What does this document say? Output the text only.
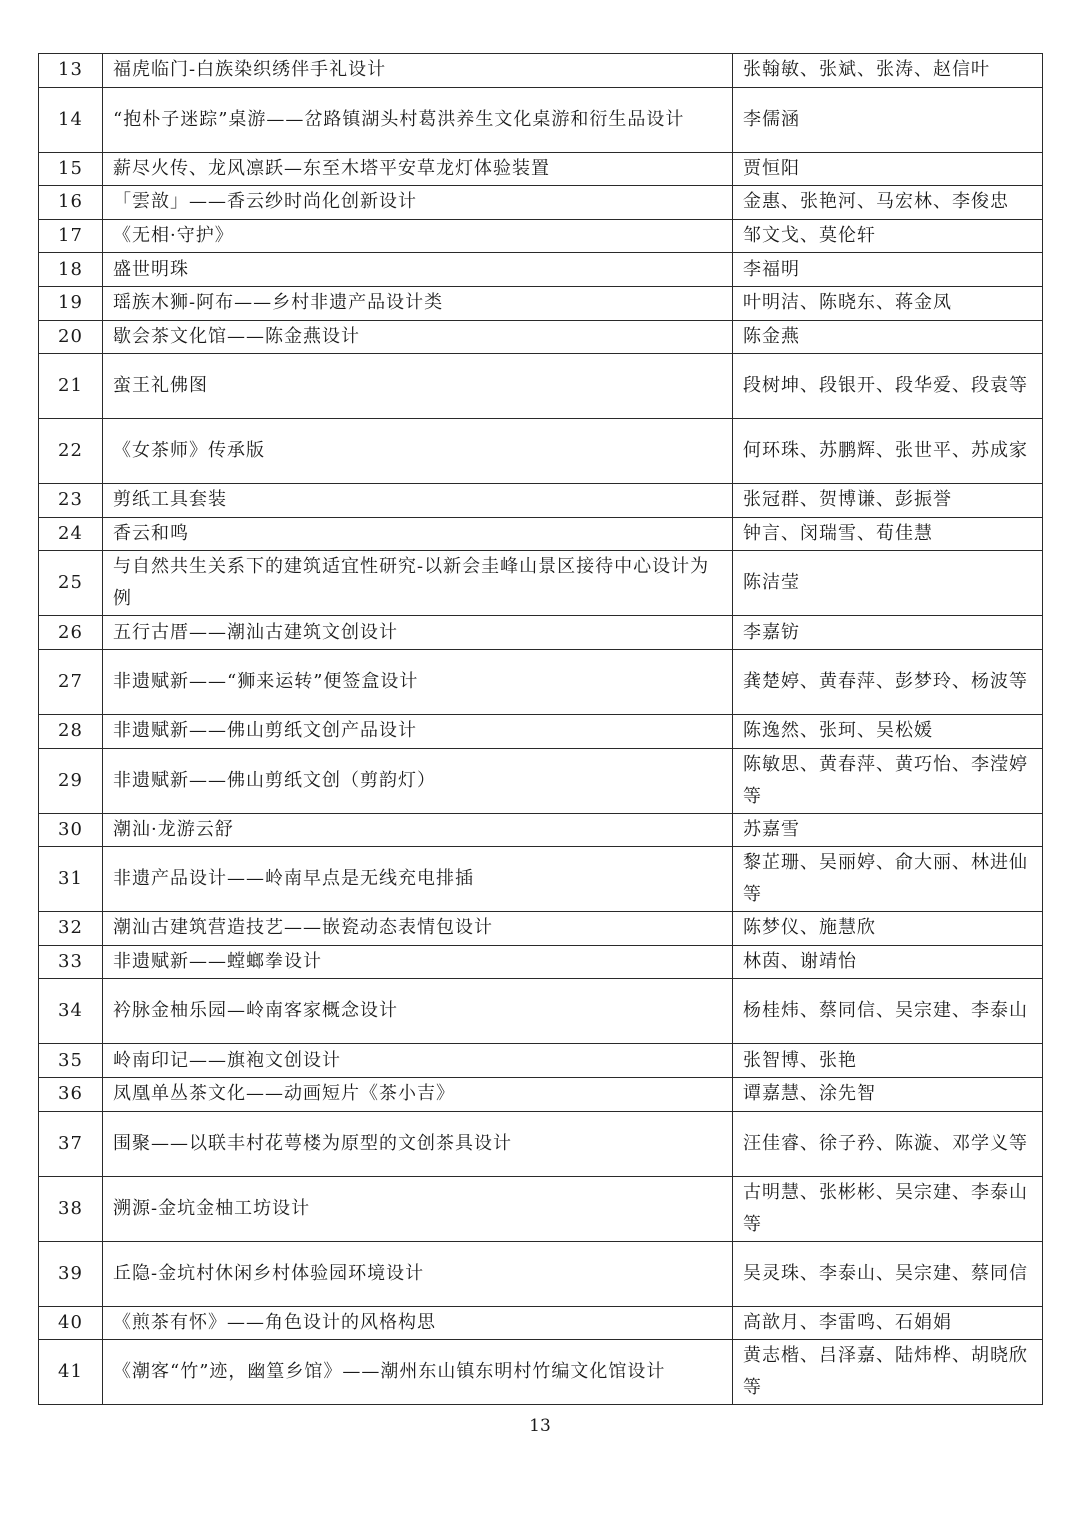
13	福虎临门-白族染织绣伴手礼设计	张翰敏、张斌、张涛、赵信叶
14	“抱朴子迷踪”桌游——岔路镇湖头村葛洪养生文化桌游和衍生品设计	李儒涵
15	薪尽火传、龙风凛跃—东至木塔平安草龙灯体验装置	贾恒阳
16	「雲敨」——香云纱时尚化创新设计	金惠、张艳河、马宏林、李俊忠
17	《无相·守护》	邹文戈、莫伦轩
18	盛世明珠	李福明
19	瑶族木狮-阿布——乡村非遗产品设计类	叶明洁、陈晓东、蒋金凤
20	歇会茶文化馆——陈金燕设计	陈金燕
21	蛮王礼佛图	段树坤、段银开、段华爱、段袁等
22	《女茶师》传承版	何环珠、苏鹏辉、张世平、苏成家
23	剪纸工具套装	张冠群、贺博谦、彭振誉
24	香云和鸣	钟言、闵瑞雪、荀佳慧
25	与自然共生关系下的建筑适宜性研究-以新会圭峰山景区接待中心设计为例	陈洁莹
26	五行古厝——潮汕古建筑文创设计	李嘉钫
27	非遗赋新——“狮来运转”便签盒设计	龚楚婷、黄春萍、彭梦玲、杨波等
28	非遗赋新——佛山剪纸文创产品设计	陈逸然、张珂、吴松媛
29	非遗赋新——佛山剪纸文创（剪韵灯）	陈敏思、黄春萍、黄巧怡、李滢婷等
30	潮汕·龙游云舒	苏嘉雪
31	非遗产品设计——岭南早点是无线充电排插	黎芷珊、吴丽婷、俞大丽、林进仙等
32	潮汕古建筑营造技艺——嵌瓷动态表情包设计	陈梦仪、施慧欣
33	非遗赋新——螳螂拳设计	林茵、谢靖怡
34	衿脉金柚乐园—岭南客家概念设计	杨桂炜、蔡同信、吴宗建、李泰山
35	岭南印记——旗袍文创设计	张智博、张艳
36	凤凰单丛茶文化——动画短片《茶小吉》	谭嘉慧、涂先智
37	围聚——以联丰村花萼楼为原型的文创茶具设计	汪佳睿、徐子矜、陈漩、邓学义等
38	溯源-金坑金柚工坊设计	古明慧、张彬彬、吴宗建、李泰山等
39	丘隐-金坑村休闲乡村体验园环境设计	吴灵珠、李泰山、吴宗建、蔡同信
40	《煎茶有怀》——角色设计的风格构思	高歆月、李雷鸣、石娟娟
41	《潮客“竹”迹，幽篁乡馆》——潮州东山镇东明村竹编文化馆设计	黄志楷、吕泽嘉、陆炜桦、胡晓欣等
13
